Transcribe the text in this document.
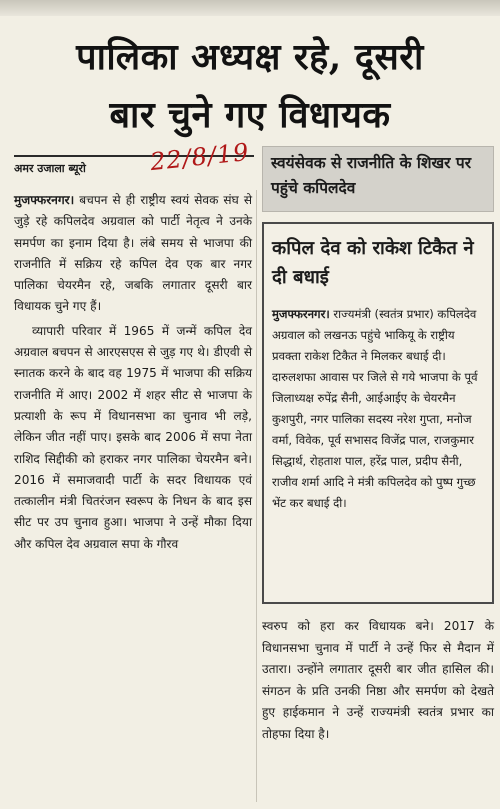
पालिका अध्यक्ष रहे, दूसरी
बार चुने गए विधायक
अमर उजाला ब्यूरो	22/8/19	स्वयंसेवक से राजनीति के शिखर पर पहुंचे कपिलदेव

मुजफ्फरनगर। बचपन से ही राष्ट्रीय स्वयं सेवक संघ से जुड़े रहे कपिलदेव अग्रवाल को पार्टी नेतृत्व ने उनके समर्पण का इनाम दिया है। लंबे समय से भाजपा की राजनीति में सक्रिय रहे कपिल देव एक बार नगर पालिका चेयरमैन रहे, जबकि लगातार दूसरी बार विधायक चुने गए हैं।

व्यापारी परिवार में 1965 में जन्में कपिल देव अग्रवाल बचपन से आरएसएस से जुड़ गए थे। डीएवी से स्नातक करने के बाद वह 1975 में भाजपा की सक्रिय राजनीति में आए। 2002 में शहर सीट से भाजपा के प्रत्याशी के रूप में विधानसभा का चुनाव भी लड़े, लेकिन जीत नहीं पाए। इसके बाद 2006 में सपा नेता राशिद सिद्दीकी को हराकर नगर पालिका चेयरमैन बने। 2016 में समाजवादी पार्टी के सदर विधायक एवं तत्कालीन मंत्री चितरंजन स्वरूप के निधन के बाद इस सीट पर उप चुनाव हुआ। भाजपा ने उन्हें मौका दिया और कपिल देव अग्रवाल सपा के गौरव

कपिल देव को राकेश टिकैत ने दी बधाई
मुजफ्फरनगर। राज्यमंत्री (स्वतंत्र प्रभार) कपिलदेव अग्रवाल को लखनऊ पहुंचे भाकियू के राष्ट्रीय प्रवक्ता राकेश टिकैत ने मिलकर बधाई दी। दारुलशफा आवास पर जिले से गये भाजपा के पूर्व जिलाध्यक्ष रुपेंद्र सैनी, आईआईए के चेयरमैन कुशपुरी, नगर पालिका सदस्य नरेश गुप्ता, मनोज वर्मा, विवेक, पूर्व सभासद विजेंद्र पाल, राजकुमार सिद्धार्थ, रोहताश पाल, हरेंद्र पाल, प्रदीप सैनी, राजीव शर्मा आदि ने मंत्री कपिलदेव को पुष्प गुच्छ भेंट कर बधाई दी।

स्वरुप को हरा कर विधायक बने। 2017 के विधानसभा चुनाव में पार्टी ने उन्हें फिर से मैदान में उतारा। उन्होंने लगातार दूसरी बार जीत हासिल की। संगठन के प्रति उनकी निष्ठा और समर्पण को देखते हुए हाईकमान ने उन्हें राज्यमंत्री स्वतंत्र प्रभार का तोहफा दिया है।
